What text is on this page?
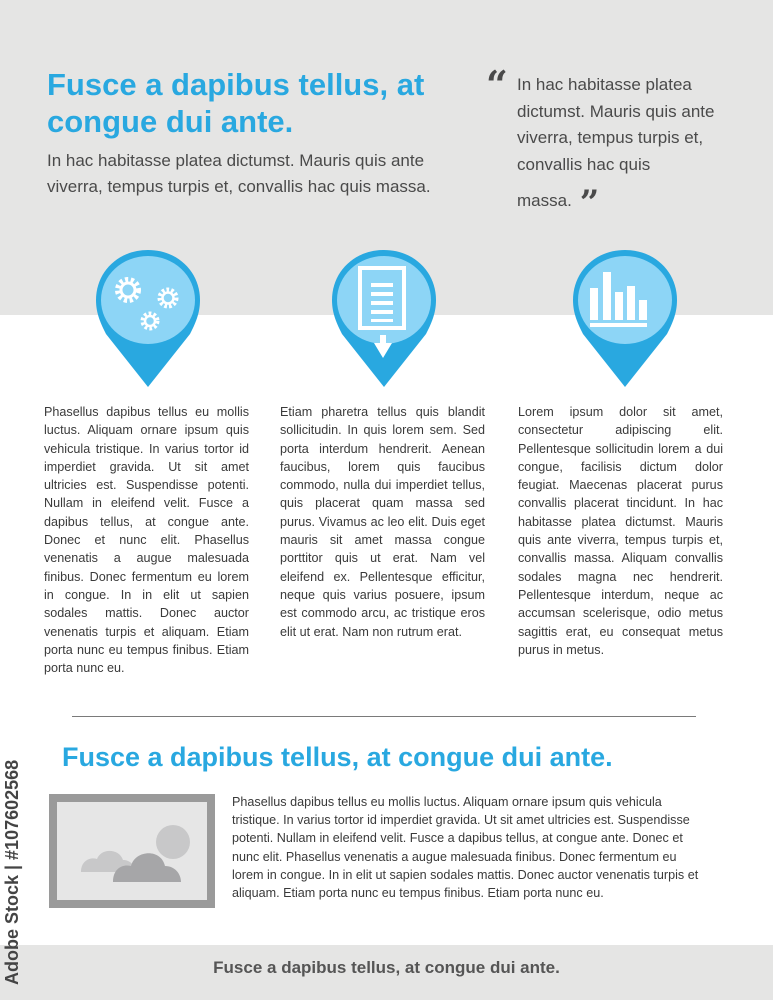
Fusce a dapibus tellus, at congue dui ante.
In hac habitasse platea dictumst. Mauris quis ante viverra, tempus turpis et, convallis hac quis massa.
“ In hac habitasse platea dictumst. Mauris quis ante viverra, tempus turpis et, convallis hac quis massa. ”
Phasellus dapibus tellus eu mollis luctus. Aliquam ornare ipsum quis vehicula tristique. In varius tortor id imperdiet gravida. Ut sit amet ultricies est. Suspendisse potenti. Nullam in eleifend velit. Fusce a dapibus tellus, at congue ante. Donec et nunc elit. Phasellus venenatis a augue malesuada finibus. Donec fermentum eu lorem in congue. In in elit ut sapien sodales mattis. Donec auctor venenatis turpis et aliquam. Etiam porta nunc eu tempus finibus. Etiam porta nunc eu.
Etiam pharetra tellus quis blandit sollicitudin. In quis lorem sem. Sed porta interdum hendrerit. Aenean faucibus, lorem quis faucibus commodo, nulla dui imperdiet tellus, quis placerat quam massa sed purus. Vivamus ac leo elit. Duis eget mauris sit amet massa congue porttitor quis ut erat. Nam vel eleifend ex. Pellentesque efficitur, neque quis varius posuere, ipsum est commodo arcu, ac tristique eros elit ut erat. Nam non rutrum erat.
Lorem ipsum dolor sit amet, consectetur adipiscing elit. Pellentesque sollicitudin lorem a dui congue, facilisis dictum dolor feugiat. Maecenas placerat purus convallis placerat tincidunt. In hac habitasse platea dictumst. Mauris quis ante viverra, tempus turpis et, convallis massa. Aliquam convallis sodales magna nec hendrerit. Pellentesque interdum, neque ac accumsan scelerisque, odio metus sagittis erat, eu consequat metus purus in metus.
Fusce a dapibus tellus, at congue dui ante.
Phasellus dapibus tellus eu mollis luctus. Aliquam ornare ipsum quis vehicula tristique. In varius tortor id imperdiet gravida. Ut sit amet ultricies est. Suspendisse potenti. Nullam in eleifend velit. Fusce a dapibus tellus, at congue ante. Donec et nunc elit. Phasellus venenatis a augue malesuada finibus. Donec fermentum eu lorem in congue. In in elit ut sapien sodales mattis. Donec auctor venenatis turpis et aliquam. Etiam porta nunc eu tempus finibus. Etiam porta nunc eu.
Fusce a dapibus tellus, at congue dui ante.
Adobe Stock | #107602568
